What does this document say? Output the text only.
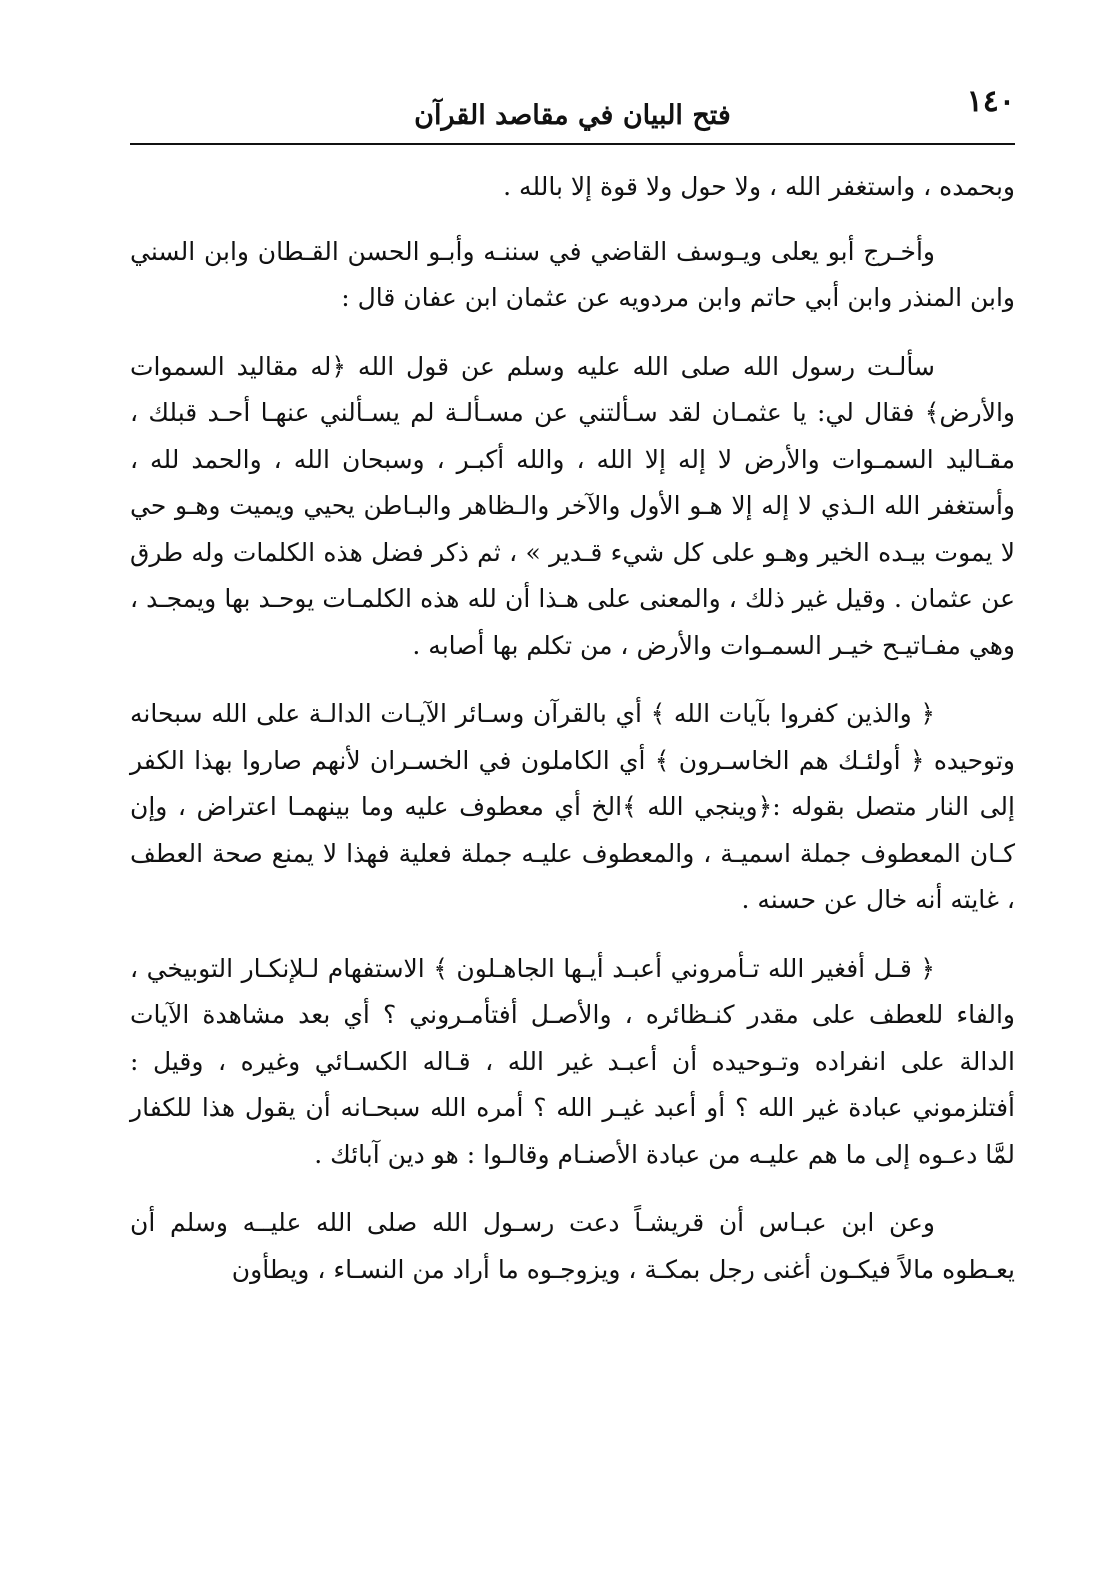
١٤٠
فتح البيان في مقاصد القرآن

وبحمده ، واستغفر الله ، ولا حول ولا قوة إلا بالله .

وأخـرج أبو يعلى ويـوسف القاضي في سننـه وأبـو الحسن القـطان وابن السني وابن المنذر وابن أبي حاتم وابن مردويه عن عثمان ابن عفان قال :

سألـت رسول الله صلى الله عليه وسلم عن قول الله ﴿له مقاليد السموات والأرض﴾ فقال لي: يا عثمـان لقد سـألتني عن مسـألـة لم يسـألني عنهـا أحـد قبلك ، مقـاليد السمـوات والأرض لا إله إلا الله ، والله أكبـر ، وسبحان الله ، والحمد لله ، وأستغفر الله الـذي لا إله إلا هـو الأول والآخر والـظاهر والبـاطن يحيي ويميت وهـو حي لا يموت بيـده الخير وهـو على كل شيء قـدير » ، ثم ذكر فضل هذه الكلمات وله طرق عن عثمان . وقيل غير ذلك ، والمعنى على هـذا أن لله هذه الكلمـات يوحـد بها ويمجـد ، وهي مفـاتيـح خيـر السمـوات والأرض ، من تكلم بها أصابه .

﴿ والذين كفروا بآيات الله ﴾ أي بالقرآن وسـائر الآيـات الدالـة على الله سبحانه وتوحيده ﴿ أولئـك هم الخاسـرون ﴾ أي الكاملون في الخسـران لأنهم صاروا بهذا الكفر إلى النار متصل بقوله :﴿وينجي الله ﴾الخ أي معطوف عليه وما بينهمـا اعتراض ، وإن كـان المعطوف جملة اسميـة ، والمعطوف عليـه جملة فعلية فهذا لا يمنع صحة العطف ، غايته أنه خال عن حسنه .

﴿ قـل أفغير الله تـأمروني أعبـد أيـها الجاهـلون ﴾ الاستفهام لـلإنكـار التوبيخي ، والفاء للعطف على مقدر كنـظائره ، والأصـل أفتأمـروني ؟ أي بعد مشاهدة الآيات الدالة على انفراده وتـوحيده أن أعبـد غير الله ، قـاله الكسـائي وغيره ، وقيل : أفتلزموني عبادة غير الله ؟ أو أعبد غيـر الله ؟ أمره الله سبحـانه أن يقول هذا للكفار لمَّا دعـوه إلى ما هم عليـه من عبادة الأصنـام وقالـوا : هو دين آبائك .

وعن ابن عبـاس أن قريشـاً دعت رسـول الله صلى الله عليــه وسلم أن يعـطوه مالاً فيكـون أغنى رجل بمكـة ، ويزوجـوه ما أراد من النسـاء ، ويطأون
